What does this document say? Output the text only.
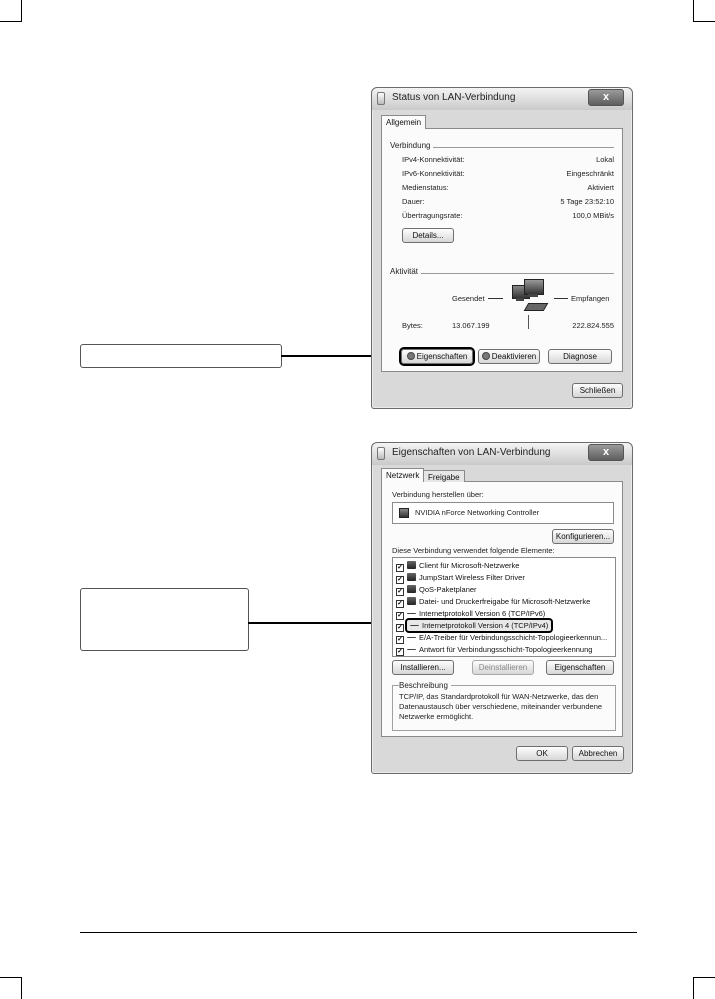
Status von LAN-Verbindung	x
Allgemein
Verbindung
IPv4-Konnektivität:	Lokal
IPv6-Konnektivität:	Eingeschränkt
Medienstatus:	Aktiviert
Dauer:	5 Tage 23:52:10
Übertragungsrate:	100,0 MBit/s
Details...
Aktivität
Gesendet	Empfangen
Bytes:	13.067.199	222.824.555
Eigenschaften	Deaktivieren	Diagnose
Schließen
Eigenschaften von LAN-Verbindung	x
Netzwerk	Freigabe
Verbindung herstellen über:
NVIDIA nForce Networking Controller
Konfigurieren...
Diese Verbindung verwendet folgende Elemente:
✓ Client für Microsoft-Netzwerke
✓ JumpStart Wireless Filter Driver
✓ QoS-Paketplaner
✓ Datei- und Druckerfreigabe für Microsoft-Netzwerke
✓ Internetprotokoll Version 6 (TCP/IPv6)
✓	Internetprotokoll Version 4 (TCP/IPv4)
✓ E/A-Treiber für Verbindungsschicht-Topologieerkennun...
✓ Antwort für Verbindungsschicht-Topologieerkennung
Installieren...	Deinstallieren	Eigenschaften
Beschreibung
TCP/IP, das Standardprotokoll für WAN-Netzwerke, das den
Datenaustausch über verschiedene, miteinander verbundene
Netzwerke ermöglicht.
OK	Abbrechen
